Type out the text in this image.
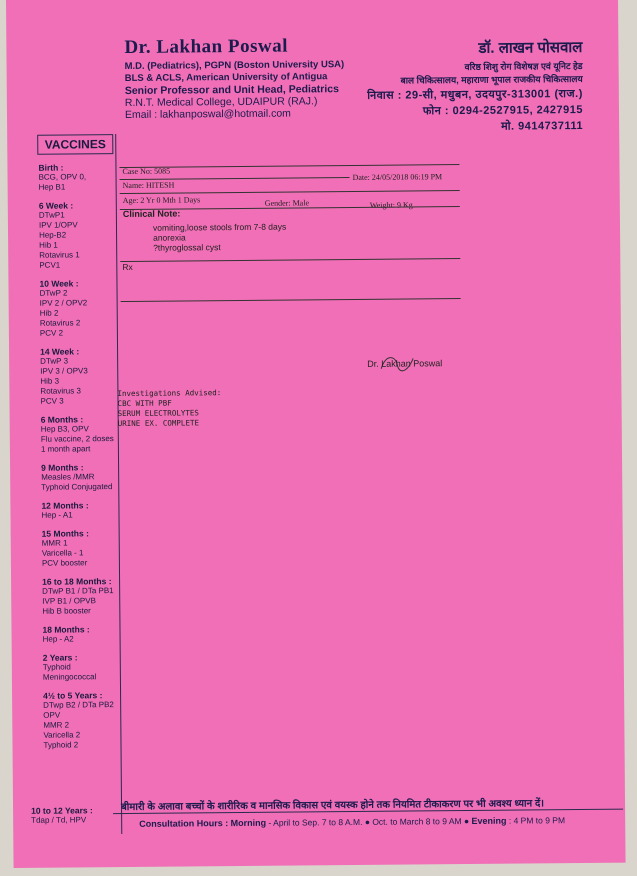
Dr. Lakhan Poswal
M.D. (Pediatrics), PGPN (Boston University USA)
BLS & ACLS, American University of Antigua
Senior Professor and Unit Head, Pediatrics
R.N.T. Medical College, UDAIPUR (RAJ.)
Email : lakhanposwal@hotmail.com
डॉ. लाखन पोसवाल
वरिष्ठ शिशु रोग विशेषज्ञ एवं यूनिट हेड
बाल चिकित्सालय, महाराणा भूपाल राजकीय चिकित्सालय
निवास : 29-सी, मधुबन, उदयपुर-313001 (राज.)
फोन : 0294-2527915, 2427915
मो. 9414737111
VACCINES
Birth :
BCG, OPV 0,
Hep B1
6 Week :
DTwP1
IPV 1/OPV
Hep-B2
Hib 1
Rotavirus 1
PCV1
10 Week :
DTwP 2
IPV 2 / OPV2
Hib 2
Rotavirus 2
PCV 2
14 Week :
DTwP 3
IPV 3 / OPV3
Hib 3
Rotavirus 3
PCV 3
6 Months :
Hep B3, OPV
Flu vaccine, 2 doses
1 month apart
9 Months :
Measles /MMR
Typhoid Conjugated
12 Months :
Hep - A1
15 Months :
MMR 1
Varicella - 1
PCV booster
16 to 18 Months :
DTwP B1 / DTa PB1
IVP B1 / OPVB
Hib B booster
18 Months :
Hep - A2
2 Years :
Typhoid
Meningococcal
4½ to 5 Years :
DTwp B2 / DTa PB2
OPV
MMR 2
Varicella 2
Typhoid 2
10 to 12 Years :
Tdap / Td, HPV
Case No: 5085
Date: 24/05/2018 06:19 PM
Name: HITESH
Age: 2 Yr 0 Mth 1 Days	Gender: Male	Weight: 9 Kg
Clinical Note:
vomiting,loose stools from 7-8 days
anorexia
?thyroglossal cyst
Rx
Dr. Lakhan Poswal
Investigations Advised:
CBC WITH PBF
SERUM ELECTROLYTES
URINE EX. COMPLETE
बीमारी के अलावा बच्चों के शारीरिक व मानसिक विकास एवं वयस्क होने तक नियमित टीकाकरण पर भी अवश्य ध्यान दें।
Consultation Hours : Morning - April to Sep. 7 to 8 A.M. ● Oct. to March 8 to 9 AM ● Evening : 4 PM to 9 PM
